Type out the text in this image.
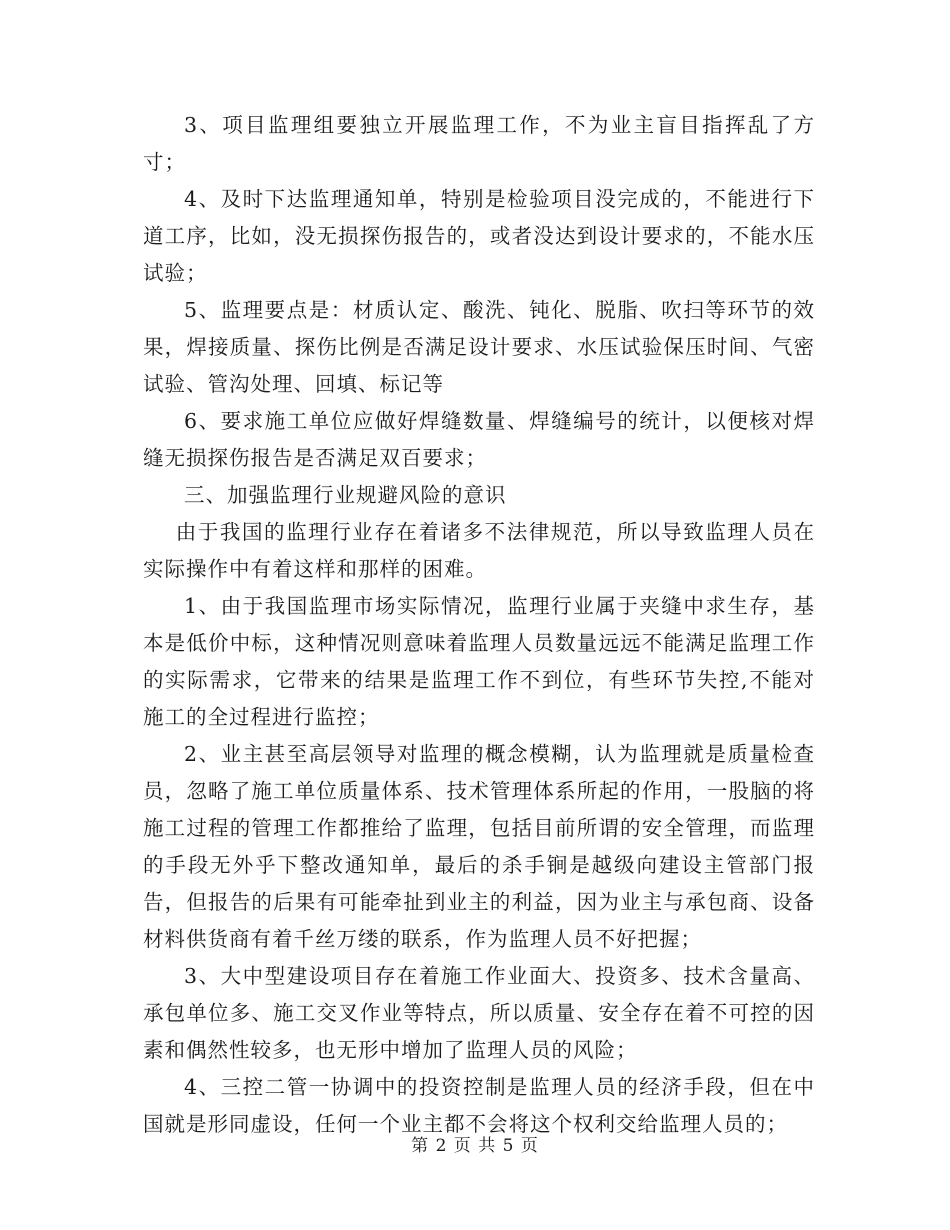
3、项目监理组要独立开展监理工作，不为业主盲目指挥乱了方寸；

4、及时下达监理通知单，特别是检验项目没完成的，不能进行下道工序，比如，没无损探伤报告的，或者没达到设计要求的，不能水压试验；

5、监理要点是：材质认定、酸洗、钝化、脱脂、吹扫等环节的效果，焊接质量、探伤比例是否满足设计要求、水压试验保压时间、气密试验、管沟处理、回填、标记等

6、要求施工单位应做好焊缝数量、焊缝编号的统计，以便核对焊缝无损探伤报告是否满足双百要求；

三、加强监理行业规避风险的意识

由于我国的监理行业存在着诸多不法律规范，所以导致监理人员在实际操作中有着这样和那样的困难。

1、由于我国监理市场实际情况，监理行业属于夹缝中求生存，基本是低价中标，这种情况则意味着监理人员数量远远不能满足监理工作的实际需求，它带来的结果是监理工作不到位，有些环节失控,不能对施工的全过程进行监控；

2、业主甚至高层领导对监理的概念模糊，认为监理就是质量检查员，忽略了施工单位质量体系、技术管理体系所起的作用，一股脑的将施工过程的管理工作都推给了监理，包括目前所谓的安全管理，而监理的手段无外乎下整改通知单，最后的杀手锏是越级向建设主管部门报告，但报告的后果有可能牵扯到业主的利益，因为业主与承包商、设备材料供货商有着千丝万缕的联系，作为监理人员不好把握；

3、大中型建设项目存在着施工作业面大、投资多、技术含量高、承包单位多、施工交叉作业等特点，所以质量、安全存在着不可控的因素和偶然性较多，也无形中增加了监理人员的风险；

4、三控二管一协调中的投资控制是监理人员的经济手段，但在中国就是形同虚设，任何一个业主都不会将这个权利交给监理人员的；

第 2 页 共 5 页
